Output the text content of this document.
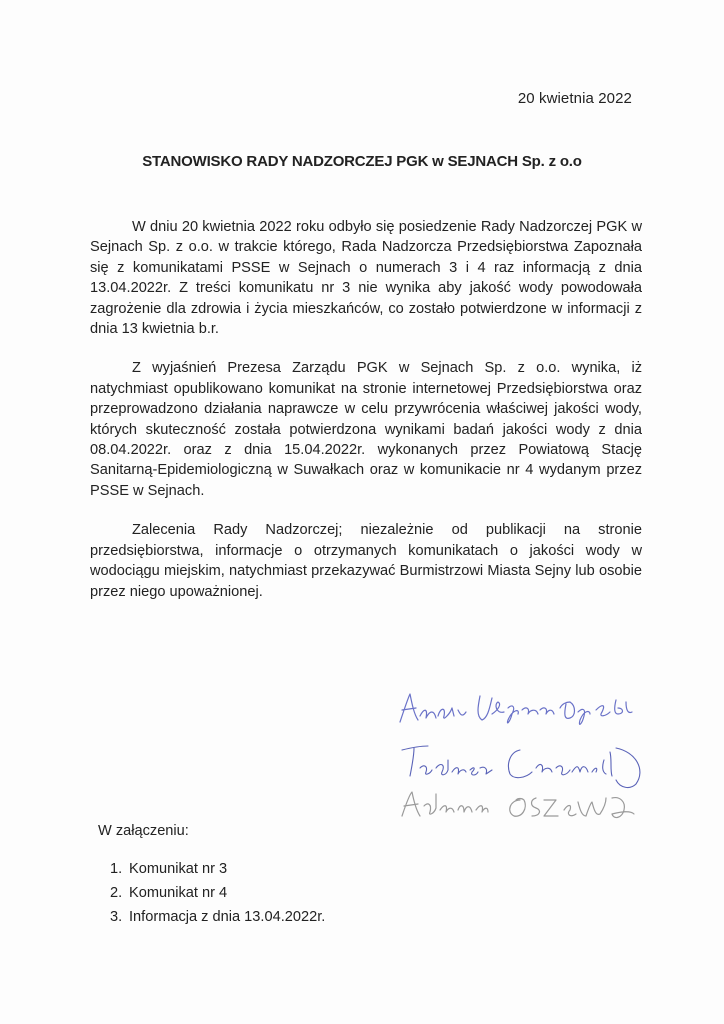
20 kwietnia 2022
STANOWISKO RADY NADZORCZEJ PGK w SEJNACH Sp. z o.o

W dniu 20 kwietnia 2022 roku odbyło się posiedzenie Rady Nadzorczej PGK w Sejnach Sp. z o.o. w trakcie którego, Rada Nadzorcza Przedsiębiorstwa Zapoznała się z komunikatami PSSE w Sejnach o numerach 3 i 4 raz informacją z dnia 13.04.2022r. Z treści komunikatu nr 3 nie wynika aby jakość wody powodowała zagrożenie dla zdrowia i życia mieszkańców, co zostało potwierdzone w informacji z dnia 13 kwietnia b.r.

Z wyjaśnień Prezesa Zarządu PGK w Sejnach Sp. z o.o. wynika, iż natychmiast opublikowano komunikat na stronie internetowej Przedsiębiorstwa oraz przeprowadzono działania naprawcze w celu przywrócenia właściwej jakości wody, których skuteczność została potwierdzona wynikami badań jakości wody z dnia 08.04.2022r. oraz z dnia 15.04.2022r. wykonanych przez Powiatową Stację Sanitarną-Epidemiologiczną w Suwałkach oraz w komunikacie nr 4 wydanym przez PSSE w Sejnach.

Zalecenia Rady Nadzorczej; niezależnie od publikacji na stronie przedsiębiorstwa, informacje o otrzymanych komunikatach o jakości wody w wodociągu miejskim, natychmiast przekazywać Burmistrzowi Miasta Sejny lub osobie przez niego upoważnionej.

W załączeniu:
1. Komunikat nr 3
2. Komunikat nr 4
3. Informacja z dnia 13.04.2022r.
